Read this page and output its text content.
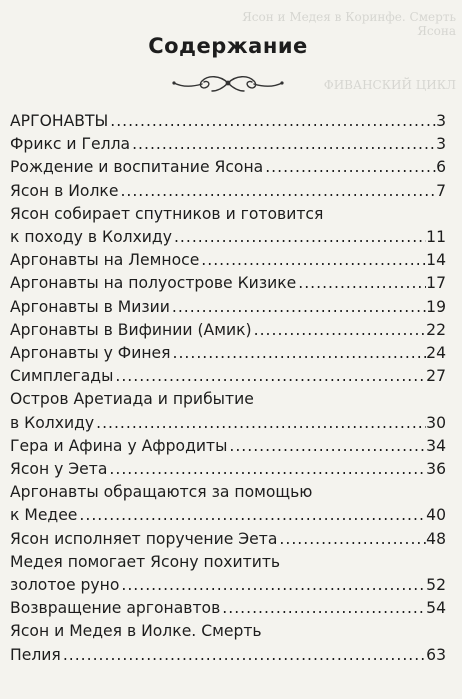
Ясон и Медея в Коринфе. Смерть
Ясона
ФИВАНСКИЙ ЦИКЛ
Содержание
АРГОНАВТЫ .....	3
Фрикс и Гелла .....	3
Рождение и воспитание Ясона .....	6
Ясон в Иолке .....	7
Ясон собирает спутников и готовится
к походу в Колхиду .....	11
Аргонавты на Лемносе .....	14
Аргонавты на полуострове Кизике .....	17
Аргонавты в Мизии .....	19
Аргонавты в Вифинии (Амик) .....	22
Аргонавты у Финея .....	24
Симплегады .....	27
Остров Аретиада и прибытие
в Колхиду .....	30
Гера и Афина у Афродиты .....	34
Ясон у Эета .....	36
Аргонавты обращаются за помощью
к Медее .....	40
Ясон исполняет поручение Эета .....	48
Медея помогает Ясону похитить
золотое руно .....	52
Возвращение аргонавтов .....	54
Ясон и Медея в Иолке. Смерть
Пелия .....	63
